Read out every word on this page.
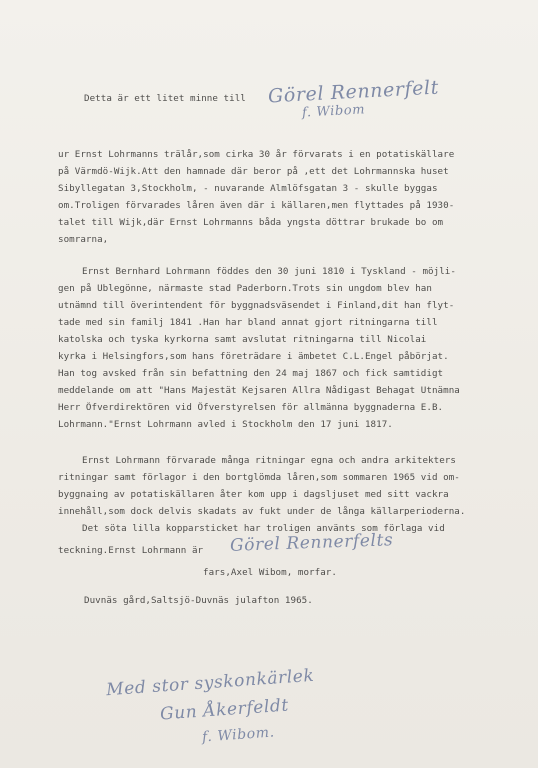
Detta är ett litet minne till Görel Rennerfelt
f. Wibom
ur Ernst Lohrmanns trälår,som cirka 30 år förvarats i en potatiskällare
på Värmdö-Wijk.Att den hamnade där beror på ,ett det Lohrmannska huset
Sibyllegatan 3,Stockholm, - nuvarande Almlöfsgatan 3 - skulle byggas
om.Troligen förvarades låren även där i källaren,men flyttades på 1930-
talet till Wijk,där Ernst Lohrmanns båda yngsta döttrar brukade bo om
somrarna,
Ernst Bernhard Lohrmann föddes den 30 juni 1810 i Tyskland - möjli-
gen på Ublegönne, närmaste stad Paderborn.Trots sin ungdom blev han
utnämnd till överintendent för byggnadsväsendet i Finland,dit han flyt-
tade med sin familj 1841 .Han har bland annat gjort ritningarna till
katolska och tyska kyrkorna samt avslutat ritningarna till Nicolai
kyrka i Helsingfors,som hans företrädare i ämbetet C.L.Engel påbörjat.
Han tog avsked från sin befattning den 24 maj 1867 och fick samtidigt
meddelande om att "Hans Majestät Kejsaren Allra Nådigast Behagat Utnämna
Herr Öfverdirektören vid Öfverstyrelsen för allmänna byggnaderna E.B.
Lohrmann."Ernst Lohrmann avled i Stockholm den 17 juni 1817.
Ernst Lohrmann förvarade många ritningar egna och andra arkitekters
ritningar samt förlagor i den bortglömda låren,som sommaren 1965 vid om-
byggnaing av potatiskällaren åter kom upp i dagsljuset med sitt vackra
innehåll,som dock delvis skadats av fukt under de långa källarperioderna.
Det söta lilla kopparsticket har troligen använts som förlaga vid
teckning.Ernst Lohrmann är Görel Rennerfelts
fars,Axel Wibom, morfar.
Duvnäs gård,Saltsjö-Duvnäs julafton 1965.
Med stor syskonkärlek
Gun Åkerfeldt
f. Wibom.
